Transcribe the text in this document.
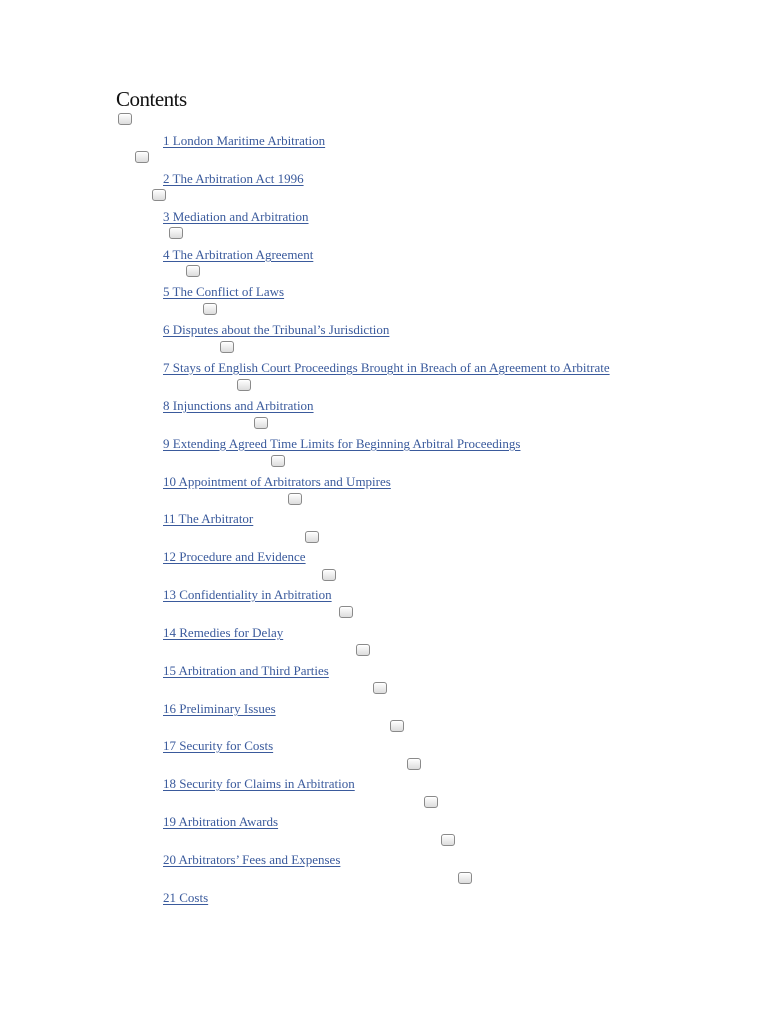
Contents
1 London Maritime Arbitration
2 The Arbitration Act 1996
3 Mediation and Arbitration
4 The Arbitration Agreement
5 The Conflict of Laws
6 Disputes about the Tribunal’s Jurisdiction
7 Stays of English Court Proceedings Brought in Breach of an Agreement to Arbitrate
8 Injunctions and Arbitration
9 Extending Agreed Time Limits for Beginning Arbitral Proceedings
10 Appointment of Arbitrators and Umpires
11 The Arbitrator
12 Procedure and Evidence
13 Confidentiality in Arbitration
14 Remedies for Delay
15 Arbitration and Third Parties
16 Preliminary Issues
17 Security for Costs
18 Security for Claims in Arbitration
19 Arbitration Awards
20 Arbitrators’ Fees and Expenses
21 Costs
